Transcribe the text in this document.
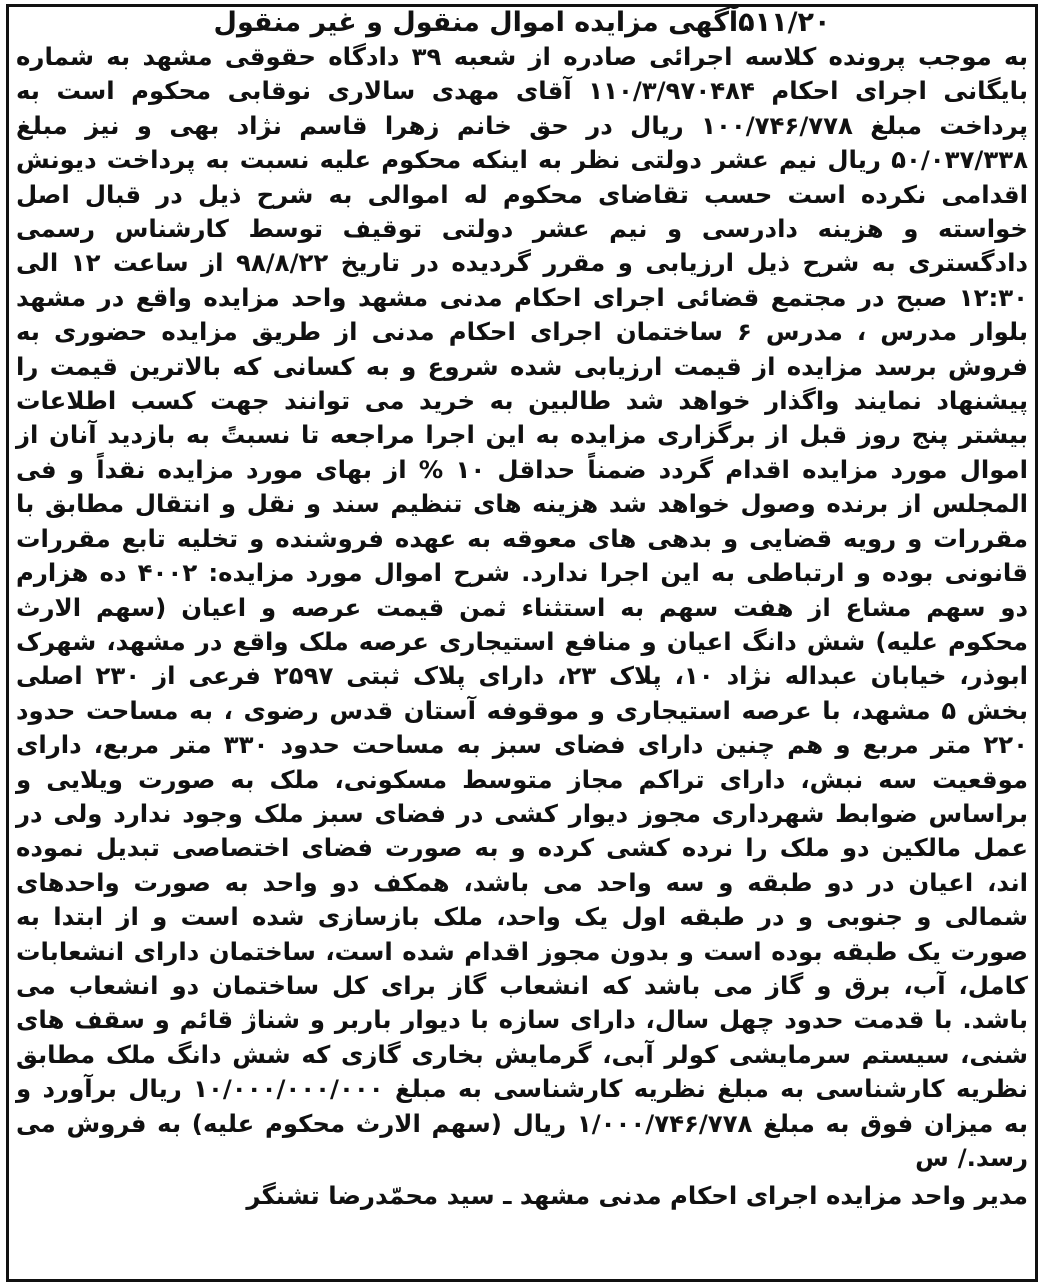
۵۱۱/۲۰آگهی مزایده اموال منقول و غیر منقول

به موجب پرونده کلاسه اجرائی صادره از شعبه ۳۹ دادگاه حقوقی مشهد به شماره بایگانی اجرای احکام ۱۱۰/۳/۹۷۰۴۸۴ آقای مهدی سالاری نوقابی محکوم است به پرداخت مبلغ ۱۰۰/۷۴۶/۷۷۸ ریال در حق خانم زهرا قاسم نژاد بهی و نیز مبلغ ۵۰/۰۳۷/۳۳۸ ریال نیم عشر دولتی نظر به اینکه محکوم علیه نسبت به پرداخت دیونش اقدامی نکرده است حسب تقاضای محکوم له اموالی به شرح ذیل در قبال اصل خواسته و هزینه دادرسی و نیم عشر دولتی توقیف توسط کارشناس رسمی دادگستری به شرح ذیل ارزیابی و مقرر گردیده در تاریخ ۹۸/۸/۲۲ از ساعت ۱۲ الی ۱۲:۳۰ صبح در مجتمع قضائی اجرای احکام مدنی مشهد واحد مزایده واقع در مشهد بلوار مدرس ، مدرس ۶ ساختمان اجرای احکام مدنی از طریق مزایده حضوری به فروش برسد مزایده از قیمت ارزیابی شده شروع و به کسانی که بالاترین قیمت را پیشنهاد نمایند واگذار خواهد شد طالبین به خرید می توانند جهت کسب اطلاعات بیشتر پنج روز قبل از برگزاری مزایده به این اجرا مراجعه تا نسبتً به بازدید آنان از اموال مورد مزایده اقدام گردد ضمناً حداقل ۱۰ % از بهای مورد مزایده نقداً و فی المجلس از برنده وصول خواهد شد هزینه های تنظیم سند و نقل و انتقال مطابق با مقررات و رویه قضایی و بدهی های معوقه به عهده فروشنده و تخلیه تابع مقررات قانونی بوده و ارتباطی به این اجرا ندارد. شرح اموال مورد مزایده: ۴۰۰۲ ده هزارم دو سهم مشاع از هفت سهم به استثناء ثمن قیمت عرصه و اعیان (سهم الارث محکوم علیه) شش دانگ اعیان و منافع استیجاری عرصه ملک واقع در مشهد، شهرک ابوذر، خیابان عبداله نژاد ۱۰، پلاک ۲۳، دارای پلاک ثبتی ۲۵۹۷ فرعی از ۲۳۰ اصلی بخش ۵ مشهد، با عرصه استیجاری و موقوفه آستان قدس رضوی ، به مساحت حدود ۲۲۰ متر مربع و هم چنین دارای فضای سبز به مساحت حدود ۳۳۰ متر مربع، دارای موقعیت سه نبش، دارای تراکم مجاز متوسط مسکونی، ملک به صورت ویلایی و براساس ضوابط شهرداری مجوز دیوار کشی در فضای سبز ملک وجود ندارد ولی در عمل مالکین دو ملک را نرده کشی کرده و به صورت فضای اختصاصی تبدیل نموده اند، اعیان در دو طبقه و سه واحد می باشد، همکف دو واحد به صورت واحدهای شمالی و جنوبی و در طبقه اول یک واحد، ملک بازسازی شده است و از ابتدا به صورت یک طبقه بوده است و بدون مجوز اقدام شده است، ساختمان دارای انشعابات کامل، آب، برق و گاز می باشد که انشعاب گاز برای کل ساختمان دو انشعاب می باشد. با قدمت حدود چهل سال، دارای سازه با دیوار باربر و شناژ قائم و سقف های شنی، سیستم سرمایشی کولر آبی، گرمایش بخاری گازی که شش دانگ ملک مطابق نظریه کارشناسی به مبلغ نظریه کارشناسی به مبلغ ۱۰/۰۰۰/۰۰۰/۰۰۰ ریال برآورد و به میزان فوق به مبلغ ۱/۰۰۰/۷۴۶/۷۷۸ ریال (سهم الارث محکوم علیه) به فروش می رسد./ س

مدیر واحد مزایده اجرای احکام مدنی مشهد ـ سید محمّدرضا تشنگر
